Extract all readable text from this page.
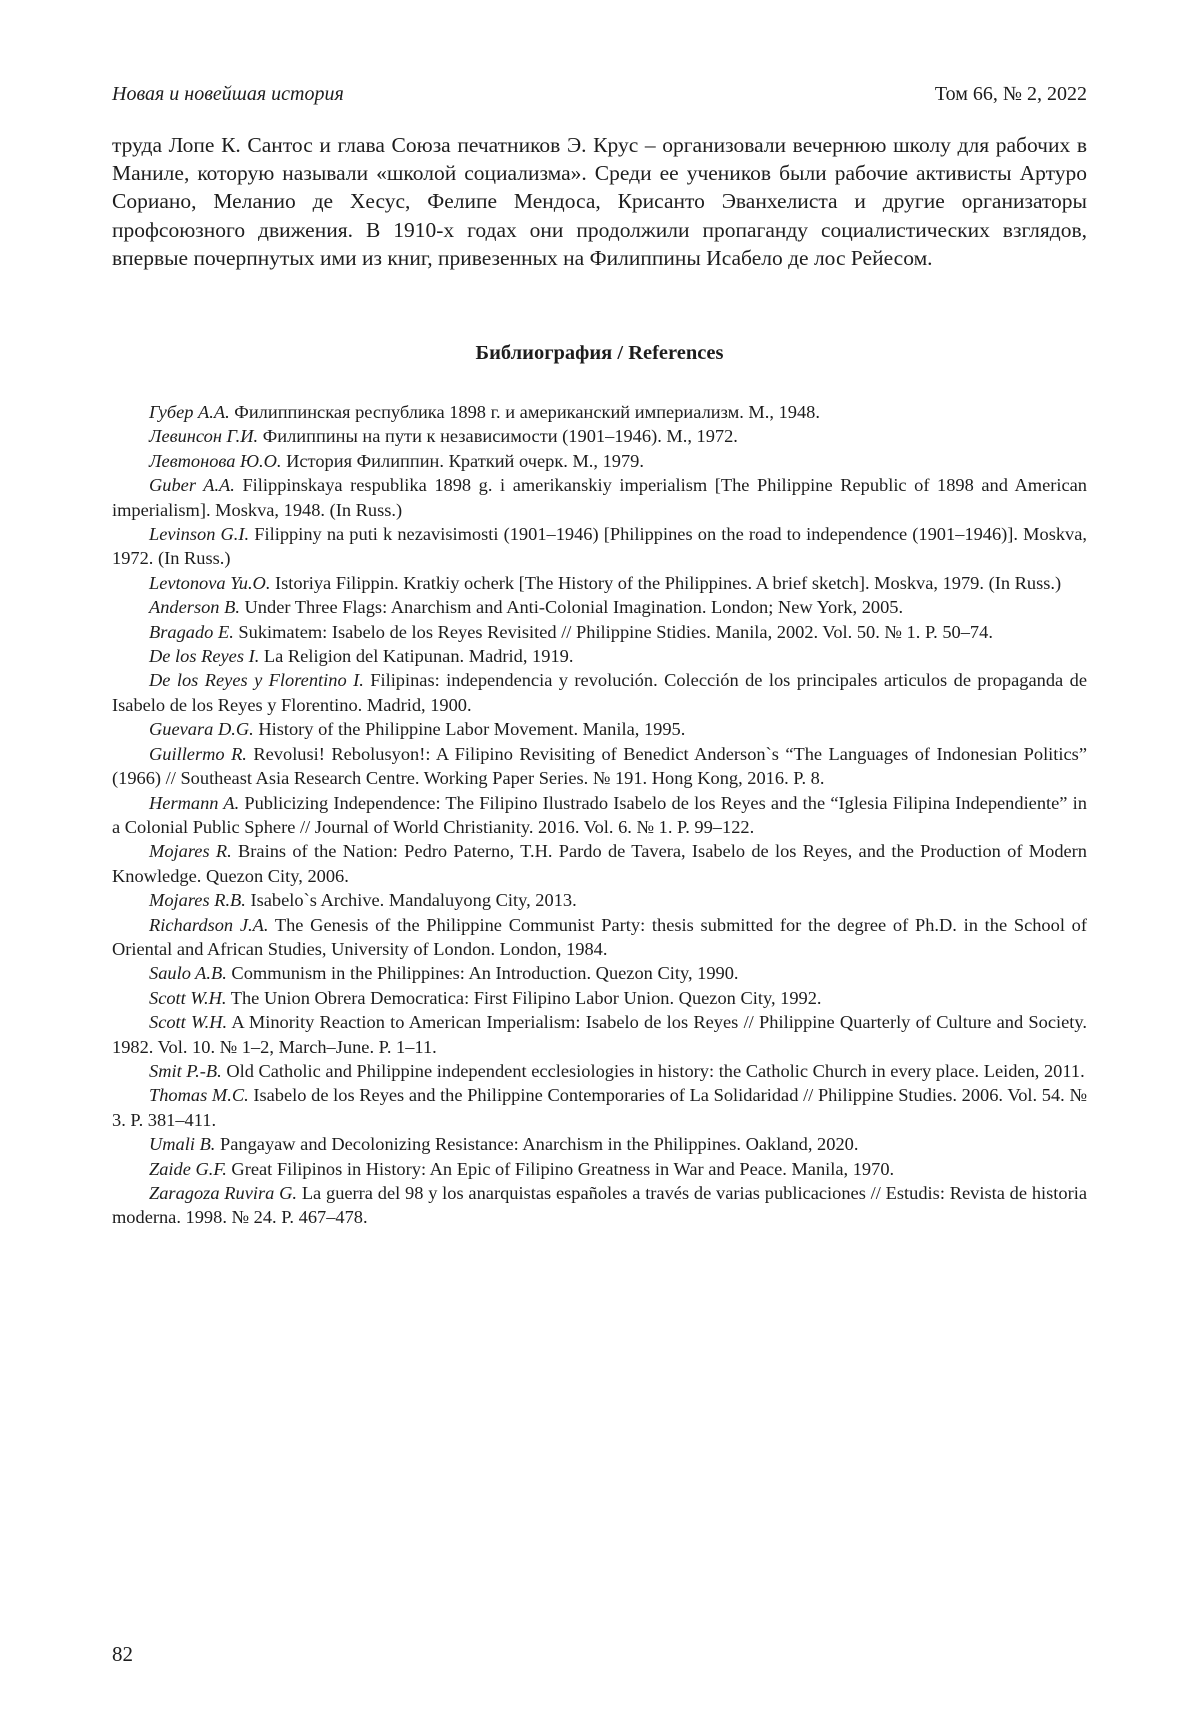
Новая и новейшая история	Том 66, № 2, 2022

труда Лопе К. Сантос и глава Союза печатников Э. Крус – организовали вечернюю школу для рабочих в Маниле, которую называли «школой социализма». Среди ее учеников были рабочие активисты Артуро Сориано, Меланио де Хесус, Фелипе Мендоса, Крисанто Эванхелиста и другие организаторы профсоюзного движения. В 1910-х годах они продолжили пропаганду социалистических взглядов, впервые почерпнутых ими из книг, привезенных на Филиппины Исабело де лос Рейесом.

Библиография / References
Губер А.А. Филиппинская республика 1898 г. и американский империализм. М., 1948.
Левинсон Г.И. Филиппины на пути к независимости (1901–1946). М., 1972.
Левтонова Ю.О. История Филиппин. Краткий очерк. М., 1979.
Guber A.A. Filippinskaya respublika 1898 g. i amerikanskiy imperialism [The Philippine Republic of 1898 and American imperialism]. Moskva, 1948. (In Russ.)
Levinson G.I. Filippiny na puti k nezavisimosti (1901–1946) [Philippines on the road to independence (1901–1946)]. Moskva, 1972. (In Russ.)
Levtonova Yu.O. Istoriya Filippin. Kratkiy ocherk [The History of the Philippines. A brief sketch]. Moskva, 1979. (In Russ.)
Anderson B. Under Three Flags: Anarchism and Anti-Colonial Imagination. London; New York, 2005.
Bragado E. Sukimatem: Isabelo de los Reyes Revisited // Philippine Stidies. Manila, 2002. Vol. 50. № 1. P. 50–74.
De los Reyes I. La Religion del Katipunan. Madrid, 1919.
De los Reyes y Florentino I. Filipinas: independencia y revolución. Colección de los principales articulos de propaganda de Isabelo de los Reyes y Florentino. Madrid, 1900.
Guevara D.G. History of the Philippine Labor Movement. Manila, 1995.
Guillermo R. Revolusi! Rebolusyon!: A Filipino Revisiting of Benedict Anderson`s “The Languages of Indonesian Politics” (1966) // Southeast Asia Research Centre. Working Paper Series. № 191. Hong Kong, 2016. P. 8.
Hermann A. Publicizing Independence: The Filipino Ilustrado Isabelo de los Reyes and the “Iglesia Filipina Independiente” in a Colonial Public Sphere // Journal of World Christianity. 2016. Vol. 6. № 1. P. 99–122.
Mojares R. Brains of the Nation: Pedro Paterno, T.H. Pardo de Tavera, Isabelo de los Reyes, and the Production of Modern Knowledge. Quezon City, 2006.
Mojares R.B. Isabelo`s Archive. Mandaluyong City, 2013.
Richardson J.A. The Genesis of the Philippine Communist Party: thesis submitted for the degree of Ph.D. in the School of Oriental and African Studies, University of London. London, 1984.
Saulo A.B. Communism in the Philippines: An Introduction. Quezon City, 1990.
Scott W.H. The Union Obrera Democratica: First Filipino Labor Union. Quezon City, 1992.
Scott W.H. A Minority Reaction to American Imperialism: Isabelo de los Reyes // Philippine Quarterly of Culture and Society. 1982. Vol. 10. № 1–2, March–June. P. 1–11.
Smit P.-B. Old Catholic and Philippine independent ecclesiologies in history: the Catholic Church in every place. Leiden, 2011.
Thomas M.C. Isabelo de los Reyes and the Philippine Contemporaries of La Solidaridad // Philippine Studies. 2006. Vol. 54. № 3. P. 381–411.
Umali B. Pangayaw and Decolonizing Resistance: Anarchism in the Philippines. Oakland, 2020.
Zaide G.F. Great Filipinos in History: An Epic of Filipino Greatness in War and Peace. Manila, 1970.
Zaragoza Ruvira G. La guerra del 98 y los anarquistas españoles a través de varias publicaciones // Estudis: Revista de historia moderna. 1998. № 24. P. 467–478.
82
